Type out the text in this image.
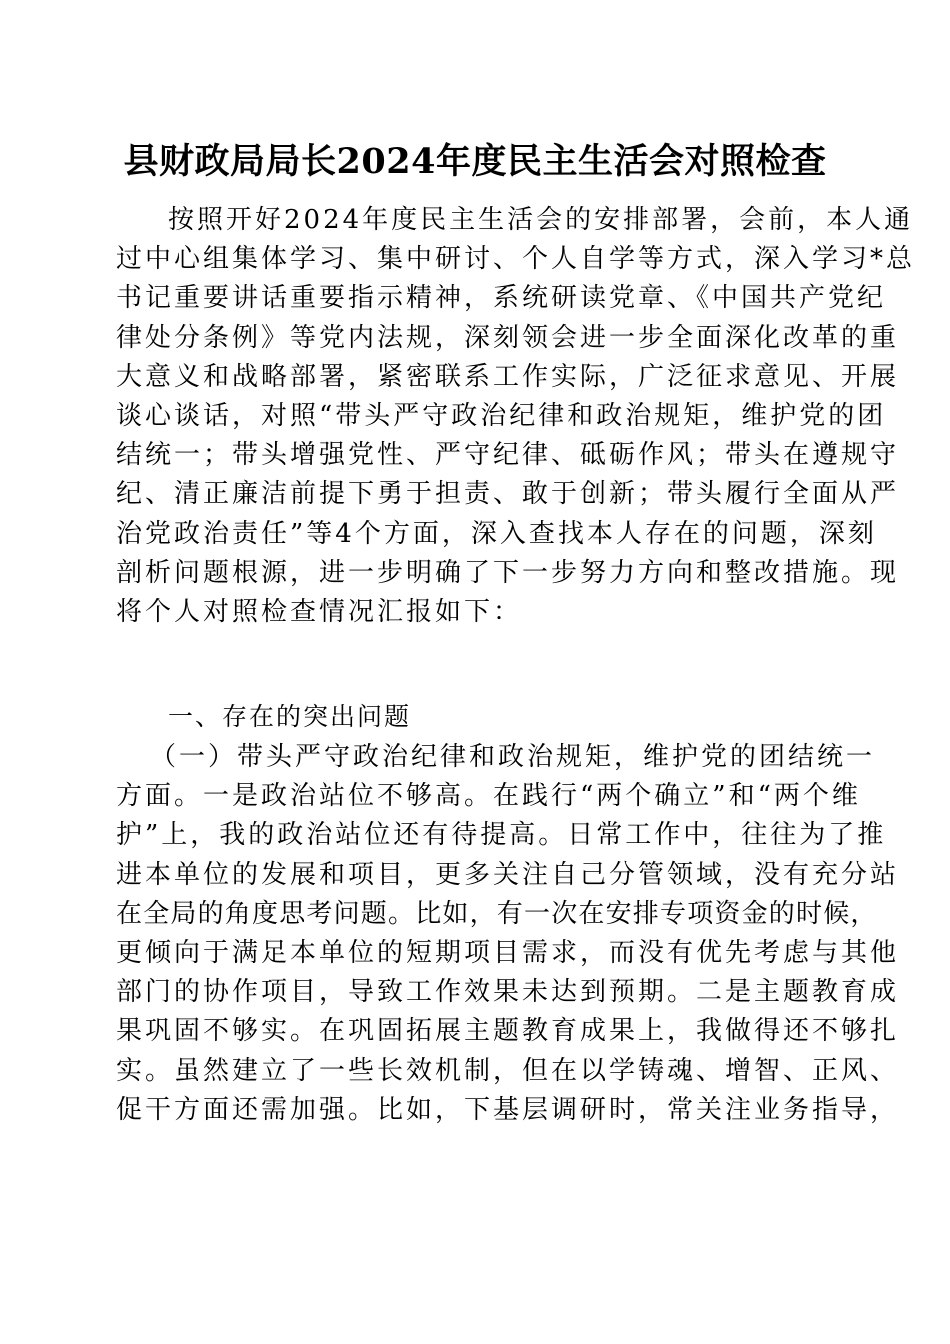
县财政局局长2024年度民主生活会对照检查
按照开好2024年度民主生活会的安排部署，会前，本人通
过中心组集体学习、集中研讨、个人自学等方式，深入学习*总
书记重要讲话重要指示精神，系统研读党章、《中国共产党纪
律处分条例》等党内法规，深刻领会进一步全面深化改革的重
大意义和战略部署，紧密联系工作实际，广泛征求意见、开展
谈心谈话，对照“带头严守政治纪律和政治规矩，维护党的团
结统一；带头增强党性、严守纪律、砥砺作风；带头在遵规守
纪、清正廉洁前提下勇于担责、敢于创新；带头履行全面从严
治党政治责任”等4个方面，深入查找本人存在的问题，深刻
剖析问题根源，进一步明确了下一步努力方向和整改措施。现
将个人对照检查情况汇报如下：
一、存在的突出问题
（一）带头严守政治纪律和政治规矩，维护党的团结统一
方面。一是政治站位不够高。在践行“两个确立”和“两个维
护”上，我的政治站位还有待提高。日常工作中，往往为了推
进本单位的发展和项目，更多关注自己分管领域，没有充分站
在全局的角度思考问题。比如，有一次在安排专项资金的时候，
更倾向于满足本单位的短期项目需求，而没有优先考虑与其他
部门的协作项目，导致工作效果未达到预期。二是主题教育成
果巩固不够实。在巩固拓展主题教育成果上，我做得还不够扎
实。虽然建立了一些长效机制，但在以学铸魂、增智、正风、
促干方面还需加强。比如，下基层调研时，常关注业务指导，
